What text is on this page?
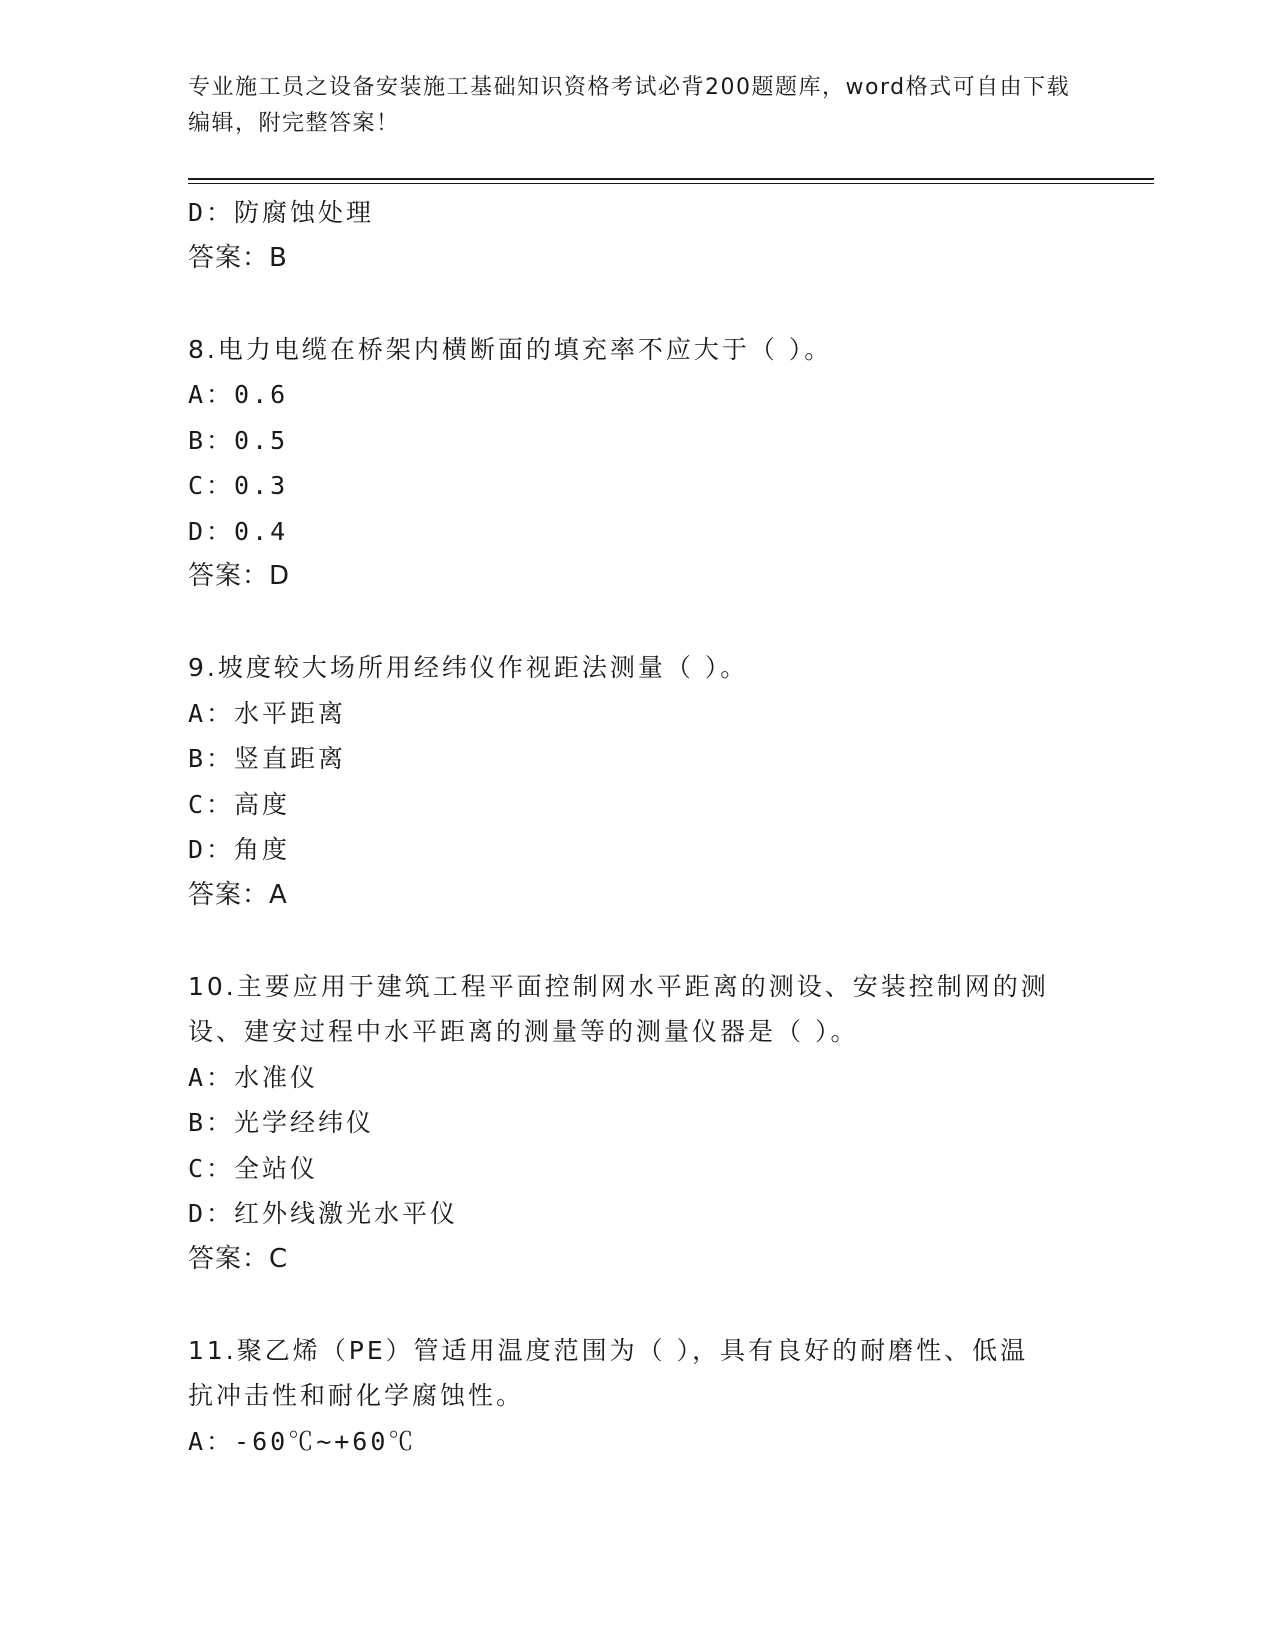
专业施工员之设备安装施工基础知识资格考试必背200题题库，word格式可自由下载编辑，附完整答案！
D：防腐蚀处理
答案：B
8.电力电缆在桥架内横断面的填充率不应大于（ ）。
A：0.6
B：0.5
C：0.3
D：0.4
答案：D
9.坡度较大场所用经纬仪作视距法测量（ ）。
A：水平距离
B：竖直距离
C：高度
D：角度
答案：A
10.主要应用于建筑工程平面控制网水平距离的测设、安装控制网的测
设、建安过程中水平距离的测量等的测量仪器是（ ）。
A：水准仪
B：光学经纬仪
C：全站仪
D：红外线激光水平仪
答案：C
11.聚乙烯（PE）管适用温度范围为（ ），具有良好的耐磨性、低温
抗冲击性和耐化学腐蚀性。
A：-60℃~+60℃
